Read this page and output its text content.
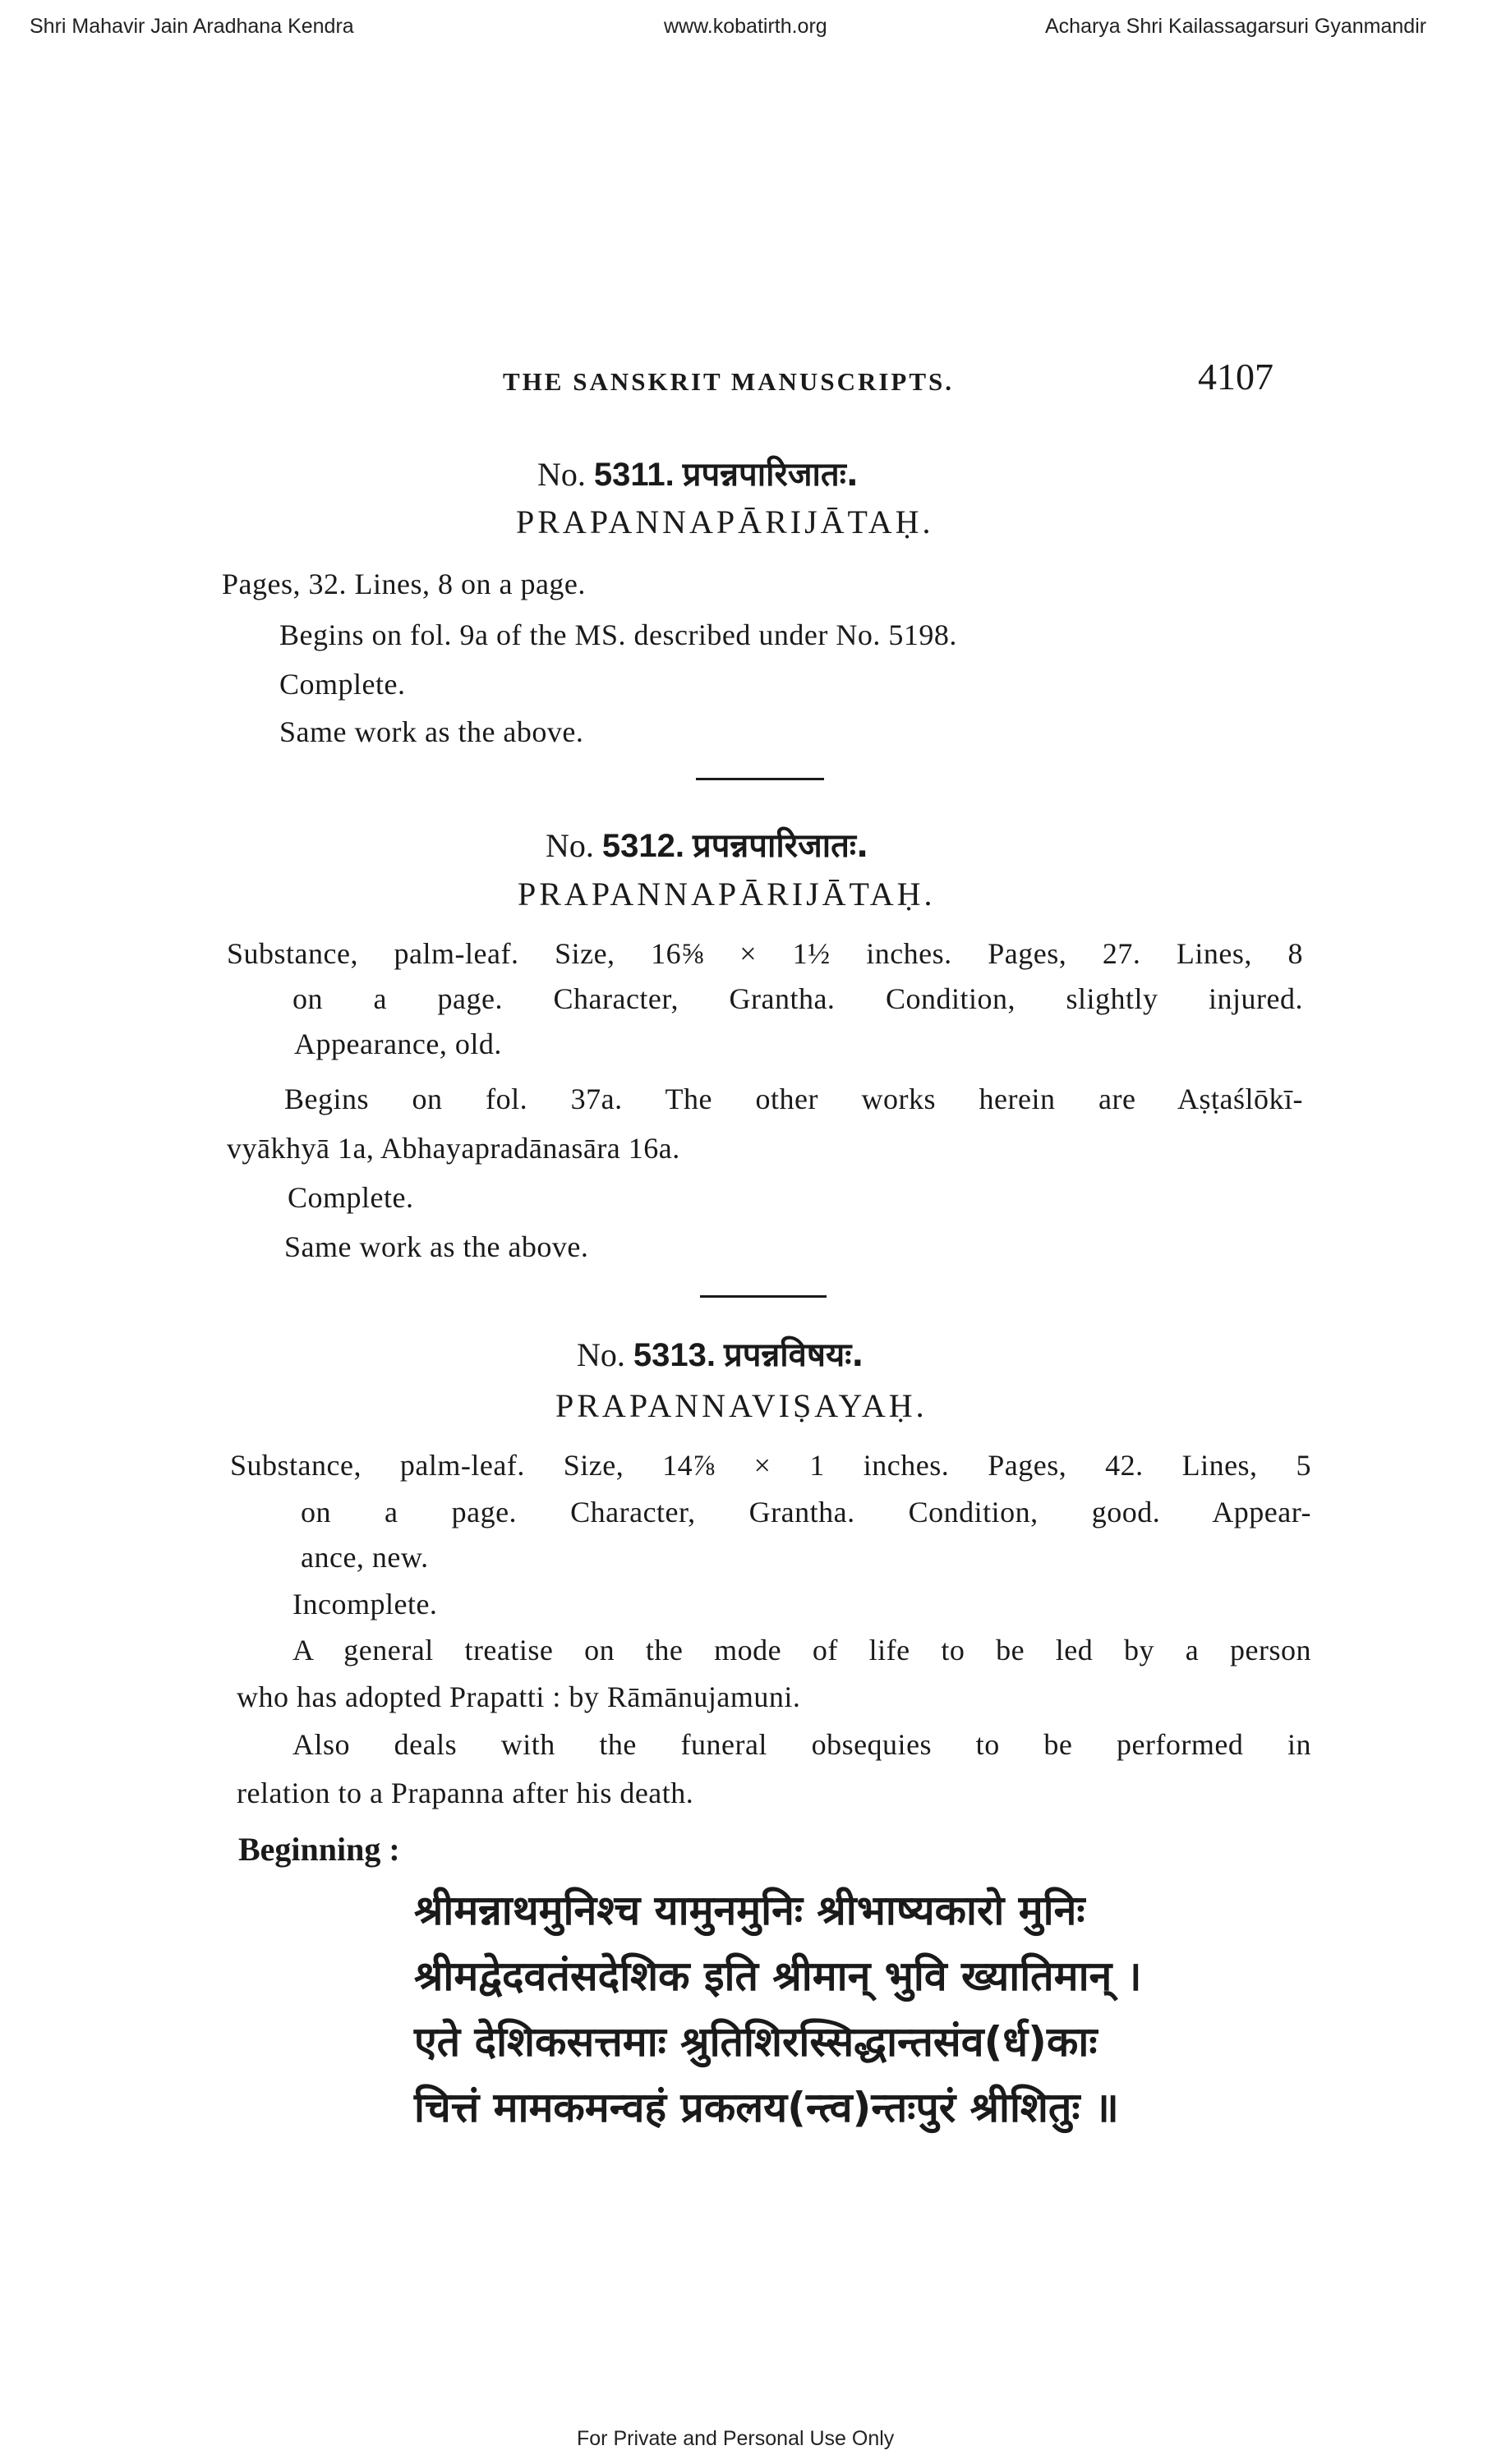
Shri Mahavir Jain Aradhana Kendra	www.kobatirth.org	Acharya Shri Kailassagarsuri Gyanmandir
THE SANSKRIT MANUSCRIPTS.	4107
No. 5311. प्रपन्नपारिजातः.
PRAPANNAPĀRIJĀTAḤ.
Pages, 32. Lines, 8 on a page.
Begins on fol. 9a of the MS. described under No. 5198.
Complete.
Same work as the above.
No. 5312. प्रपन्नपारिजातः.
PRAPANNAPĀRIJĀTAḤ.
Substance, palm-leaf. Size, 16⅝ × 1½ inches. Pages, 27. Lines, 8
on a page. Character, Grantha. Condition, slightly injured.
Appearance, old.
Begins on fol. 37a. The other works herein are Aṣṭaślōkī-
vyākhyā 1a, Abhayapradānasāra 16a.
Complete.
Same work as the above.
No. 5313. प्रपन्नविषयः.
PRAPANNAVIṢAYAḤ.
Substance, palm-leaf. Size, 14⅞ × 1 inches. Pages, 42. Lines, 5
on a page. Character, Grantha. Condition, good. Appear-
ance, new.
Incomplete.
A general treatise on the mode of life to be led by a person
who has adopted Prapatti : by Rāmānujamuni.
Also deals with the funeral obsequies to be performed in
relation to a Prapanna after his death.
Beginning :
श्रीमन्नाथमुनिश्च यामुनमुनिः श्रीभाष्यकारो मुनिः
श्रीमद्वेदवतंसदेशिक इति श्रीमान् भुवि ख्यातिमान् ।
एते देशिकसत्तमाः श्रुतिशिरस्सिद्धान्तसंव(र्ध)काः
चित्तं मामकमन्वहं प्रकलय(न्त्व)न्तःपुरं श्रीशितुः ॥
For Private and Personal Use Only
